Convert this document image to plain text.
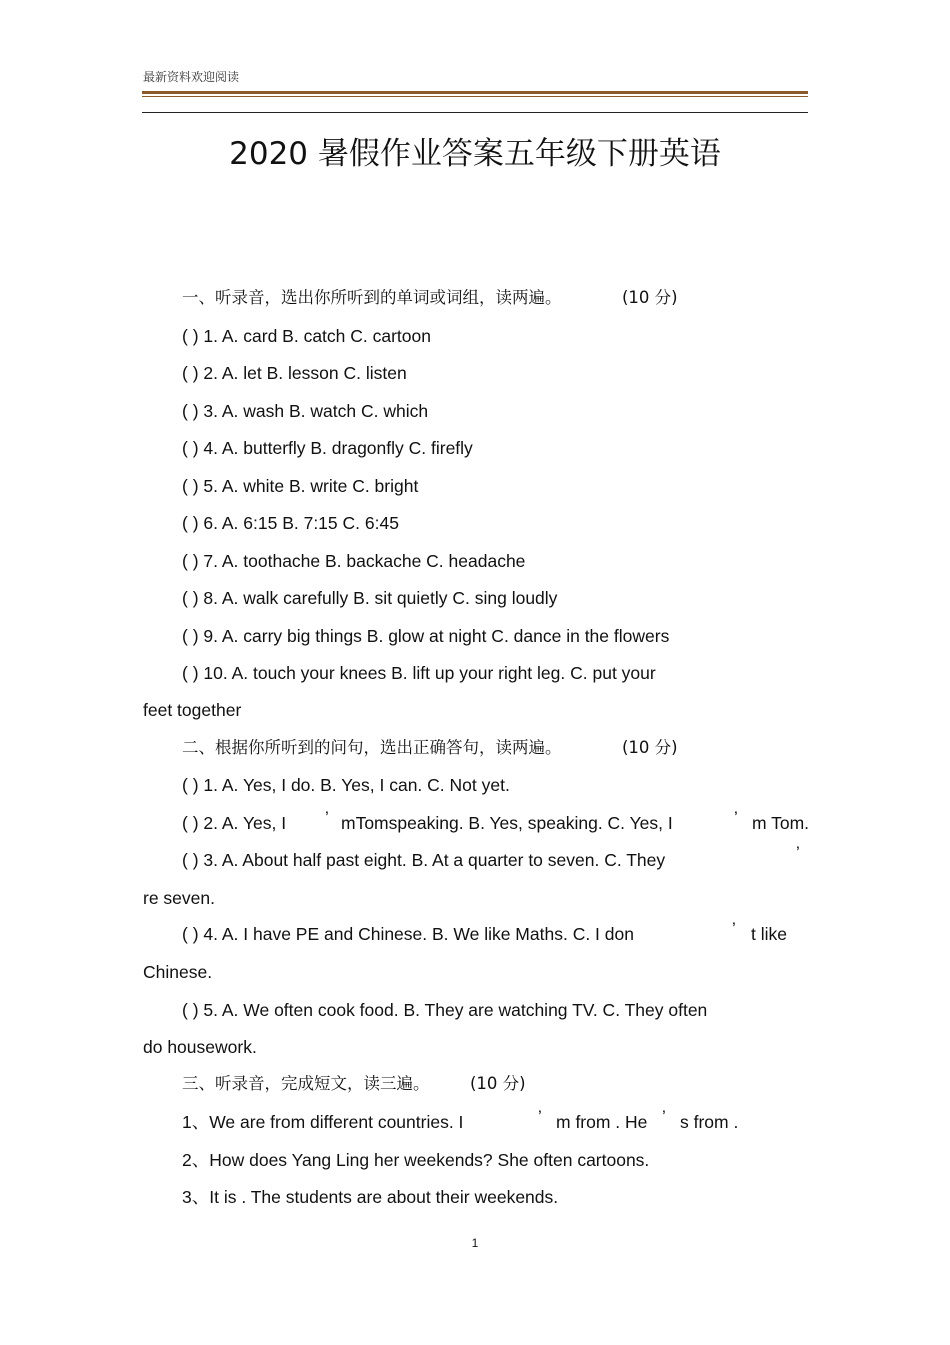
最新资料欢迎阅读
2020 暑假作业答案五年级下册英语
一、听录音，选出你所听到的单词或词组，读两遍。	(10 分)
( ) 1. A. card B. catch C. cartoon
( ) 2. A. let B. lesson C. listen
( ) 3. A. wash B. watch C. which
( ) 4. A. butterfly B. dragonfly C. firefly
( ) 5. A. white B. write C. bright
( ) 6. A. 6:15 B. 7:15 C. 6:45
( ) 7. A. toothache B. backache C. headache
( ) 8. A. walk carefully B. sit quietly C. sing loudly
( ) 9. A. carry big things B. glow at night C. dance in the flowers
( ) 10. A. touch your knees B. lift up your right leg. C. put your
feet together
二、根据你所听到的问句，选出正确答句，读两遍。	(10 分)
( ) 1. A. Yes, I do. B. Yes, I can. C. Not yet.
( ) 2. A. Yes, I ’ mTomspeaking. B. Yes, speaking. C. Yes, I	’ m Tom.
( ) 3. A. About half past eight. B. At a quarter to seven. C. They	’
re seven.
( ) 4. A. I have PE and Chinese. B. We like Maths. C. I don	’ t like
Chinese.
( ) 5. A. We often cook food. B. They are watching TV. C. They often
do housework.
三、听录音，完成短文，读三遍。 (10 分)
1、We are from different countries. I	’ m from . He ’ s from .
2、How does Yang Ling her weekends? She often cartoons.
3、It is . The students are about their weekends.
1
